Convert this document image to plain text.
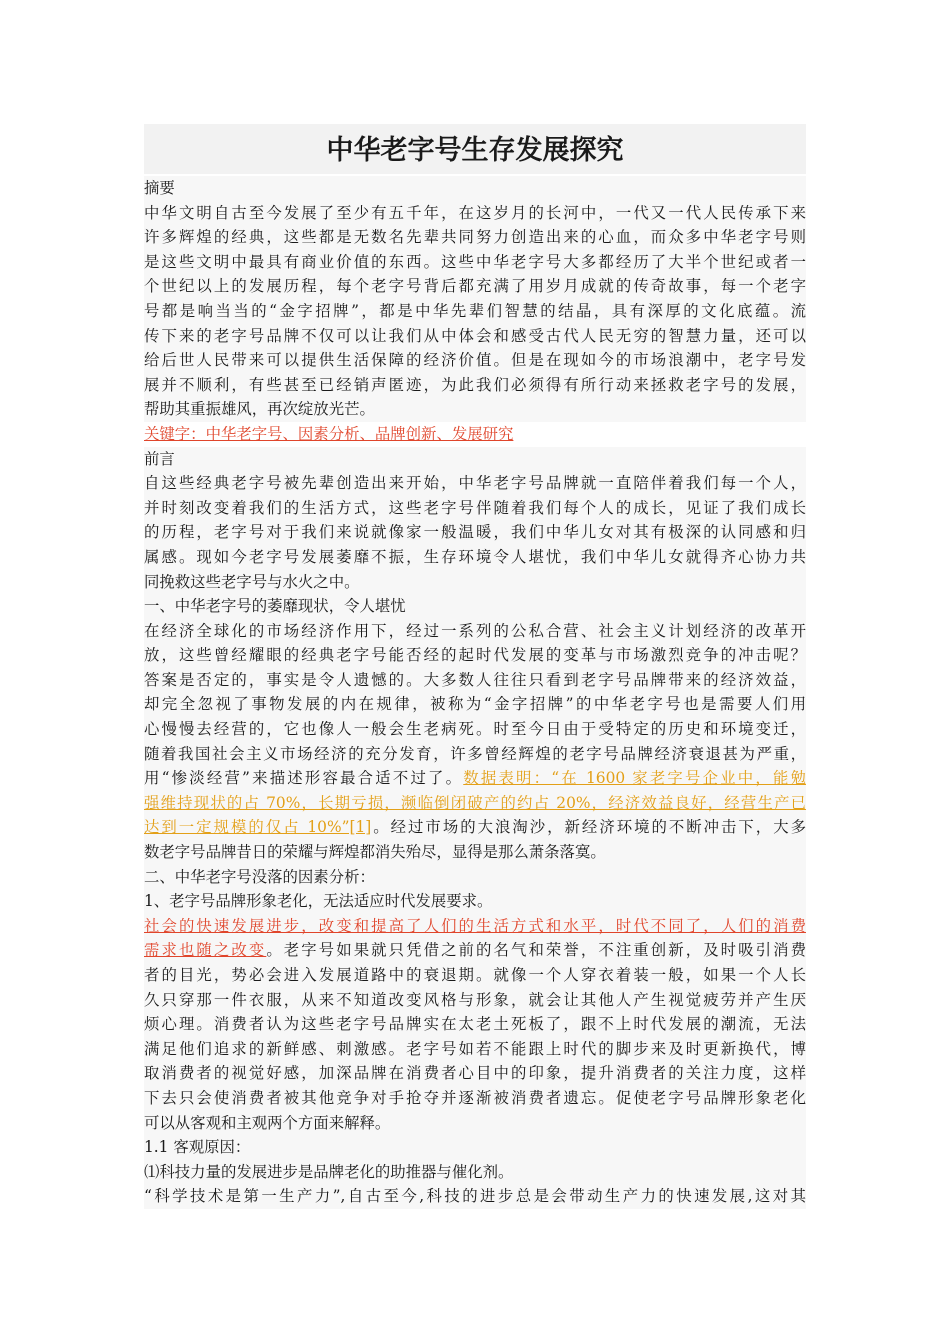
中华老字号生存发展探究
摘要
中华文明自古至今发展了至少有五千年，在这岁月的长河中，一代又一代人民传承下来
许多辉煌的经典，这些都是无数名先辈共同努力创造出来的心血，而众多中华老字号则
是这些文明中最具有商业价值的东西。这些中华老字号大多都经历了大半个世纪或者一
个世纪以上的发展历程，每个老字号背后都充满了用岁月成就的传奇故事，每一个老字
号都是响当当的“金字招牌”，都是中华先辈们智慧的结晶，具有深厚的文化底蕴。流
传下来的老字号品牌不仅可以让我们从中体会和感受古代人民无穷的智慧力量，还可以
给后世人民带来可以提供生活保障的经济价值。但是在现如今的市场浪潮中，老字号发
展并不顺利，有些甚至已经销声匿迹，为此我们必须得有所行动来拯救老字号的发展，
帮助其重振雄风，再次绽放光芒。
关键字：中华老字号、因素分析、品牌创新、发展研究
前言
自这些经典老字号被先辈创造出来开始，中华老字号品牌就一直陪伴着我们每一个人，
并时刻改变着我们的生活方式，这些老字号伴随着我们每个人的成长，见证了我们成长
的历程，老字号对于我们来说就像家一般温暖，我们中华儿女对其有极深的认同感和归
属感。现如今老字号发展萎靡不振，生存环境令人堪忧，我们中华儿女就得齐心协力共
同挽救这些老字号与水火之中。
一、中华老字号的萎靡现状，令人堪忧
在经济全球化的市场经济作用下，经过一系列的公私合营、社会主义计划经济的改革开
放，这些曾经耀眼的经典老字号能否经的起时代发展的变革与市场激烈竞争的冲击呢？
答案是否定的，事实是令人遗憾的。大多数人往往只看到老字号品牌带来的经济效益，
却完全忽视了事物发展的内在规律，被称为“金字招牌”的中华老字号也是需要人们用
心慢慢去经营的，它也像人一般会生老病死。时至今日由于受特定的历史和环境变迁，
随着我国社会主义市场经济的充分发育，许多曾经辉煌的老字号品牌经济衰退甚为严重，
用“惨淡经营”来描述形容最合适不过了。数据表明：“在 1600 家老字号企业中，能勉
强维持现状的占 70%，长期亏损，濒临倒闭破产的约占 20%，经济效益良好，经营生产已
达到一定规模的仅占 10%”[1]。经过市场的大浪淘沙，新经济环境的不断冲击下，大多
数老字号品牌昔日的荣耀与辉煌都消失殆尽，显得是那么萧条落寞。
二、中华老字号没落的因素分析：
1、老字号品牌形象老化，无法适应时代发展要求。
社会的快速发展进步，改变和提高了人们的生活方式和水平，时代不同了，人们的消费
需求也随之改变。老字号如果就只凭借之前的名气和荣誉，不注重创新，及时吸引消费
者的目光，势必会进入发展道路中的衰退期。就像一个人穿衣着装一般，如果一个人长
久只穿那一件衣服，从来不知道改变风格与形象，就会让其他人产生视觉疲劳并产生厌
烦心理。消费者认为这些老字号品牌实在太老土死板了，跟不上时代发展的潮流，无法
满足他们追求的新鲜感、刺激感。老字号如若不能跟上时代的脚步来及时更新换代，博
取消费者的视觉好感，加深品牌在消费者心目中的印象，提升消费者的关注力度，这样
下去只会使消费者被其他竞争对手抢夺并逐渐被消费者遗忘。促使老字号品牌形象老化
可以从客观和主观两个方面来解释。
1.1 客观原因：
⑴科技力量的发展进步是品牌老化的助推器与催化剂。
“科学技术是第一生产力”,自古至今,科技的进步总是会带动生产力的快速发展,这对其
